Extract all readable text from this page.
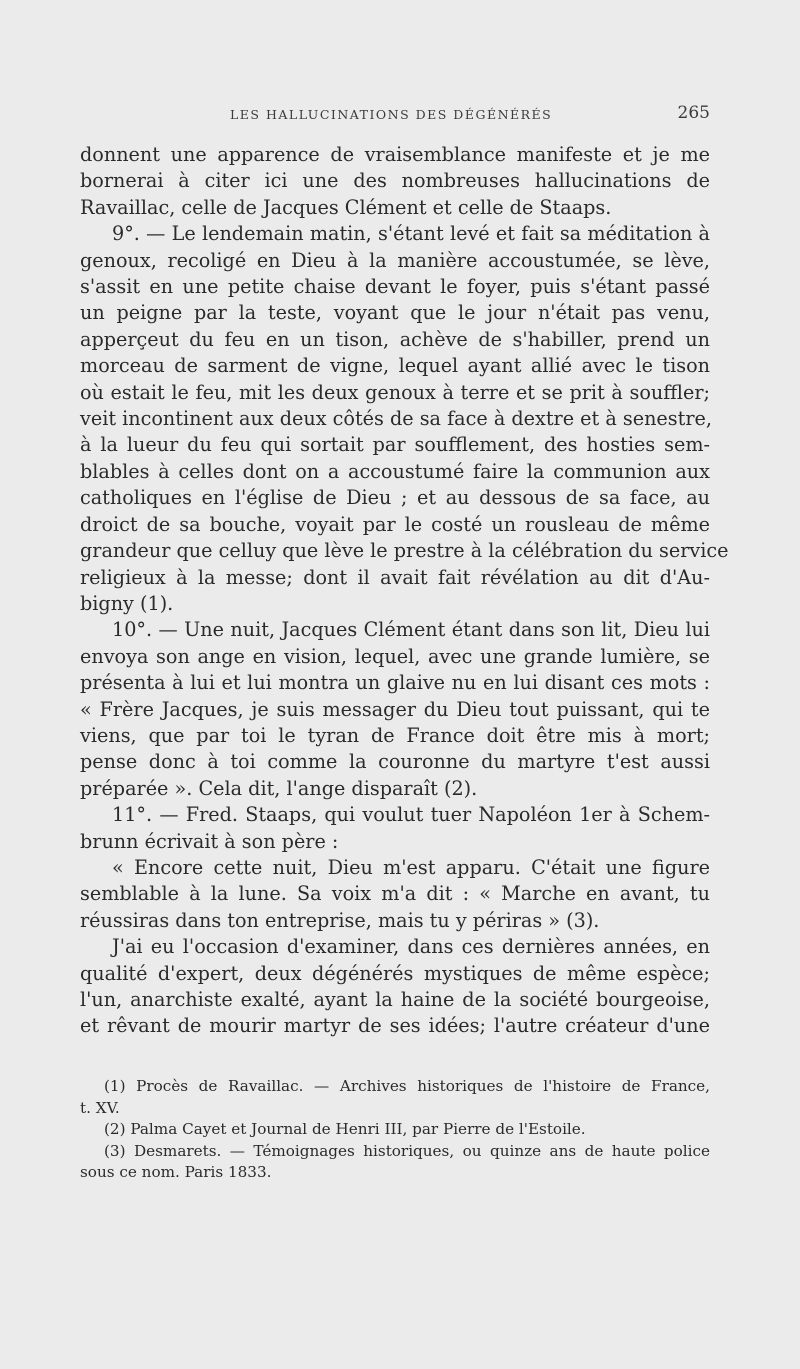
LES HALLUCINATIONS DES DÉGÉNÉRÉS	265
donnent une apparence de vraisemblance manifeste et je me
bornerai à citer ici une des nombreuses hallucinations de
Ravaillac, celle de Jacques Clément et celle de Staaps.
9°. — Le lendemain matin, s'étant levé et fait sa méditation à
genoux, recoligé en Dieu à la manière accoustumée, se lève,
s'assit en une petite chaise devant le foyer, puis s'étant passé
un peigne par la teste, voyant que le jour n'était pas venu,
apperçeut du feu en un tison, achève de s'habiller, prend un
morceau de sarment de vigne, lequel ayant allié avec le tison
où estait le feu, mit les deux genoux à terre et se prit à souffler;
veit incontinent aux deux côtés de sa face à dextre et à senestre,
à la lueur du feu qui sortait par soufflement, des hosties sem-
blables à celles dont on a accoustumé faire la communion aux
catholiques en l'église de Dieu ; et au dessous de sa face, au
droict de sa bouche, voyait par le costé un rousleau de même
grandeur que celluy que lève le prestre à la célébration du service
religieux à la messe; dont il avait fait révélation au dit d'Au-
bigny (1).
10°. — Une nuit, Jacques Clément étant dans son lit, Dieu lui
envoya son ange en vision, lequel, avec une grande lumière, se
présenta à lui et lui montra un glaive nu en lui disant ces mots :
« Frère Jacques, je suis messager du Dieu tout puissant, qui te
viens, que par toi le tyran de France doit être mis à mort;
pense donc à toi comme la couronne du martyre t'est aussi
préparée ». Cela dit, l'ange disparaît (2).
11°. — Fred. Staaps, qui voulut tuer Napoléon 1er à Schem-
brunn écrivait à son père :
« Encore cette nuit, Dieu m'est apparu. C'était une figure
semblable à la lune. Sa voix m'a dit : « Marche en avant, tu
réussiras dans ton entreprise, mais tu y périras » (3).
J'ai eu l'occasion d'examiner, dans ces dernières années, en
qualité d'expert, deux dégénérés mystiques de même espèce;
l'un, anarchiste exalté, ayant la haine de la société bourgeoise,
et rêvant de mourir martyr de ses idées; l'autre créateur d'une
(1) Procès de Ravaillac. — Archives historiques de l'histoire de France,
t. XV.
(2) Palma Cayet et Journal de Henri III, par Pierre de l'Estoile.
(3) Desmarets. — Témoignages historiques, ou quinze ans de haute police
sous ce nom. Paris 1833.
